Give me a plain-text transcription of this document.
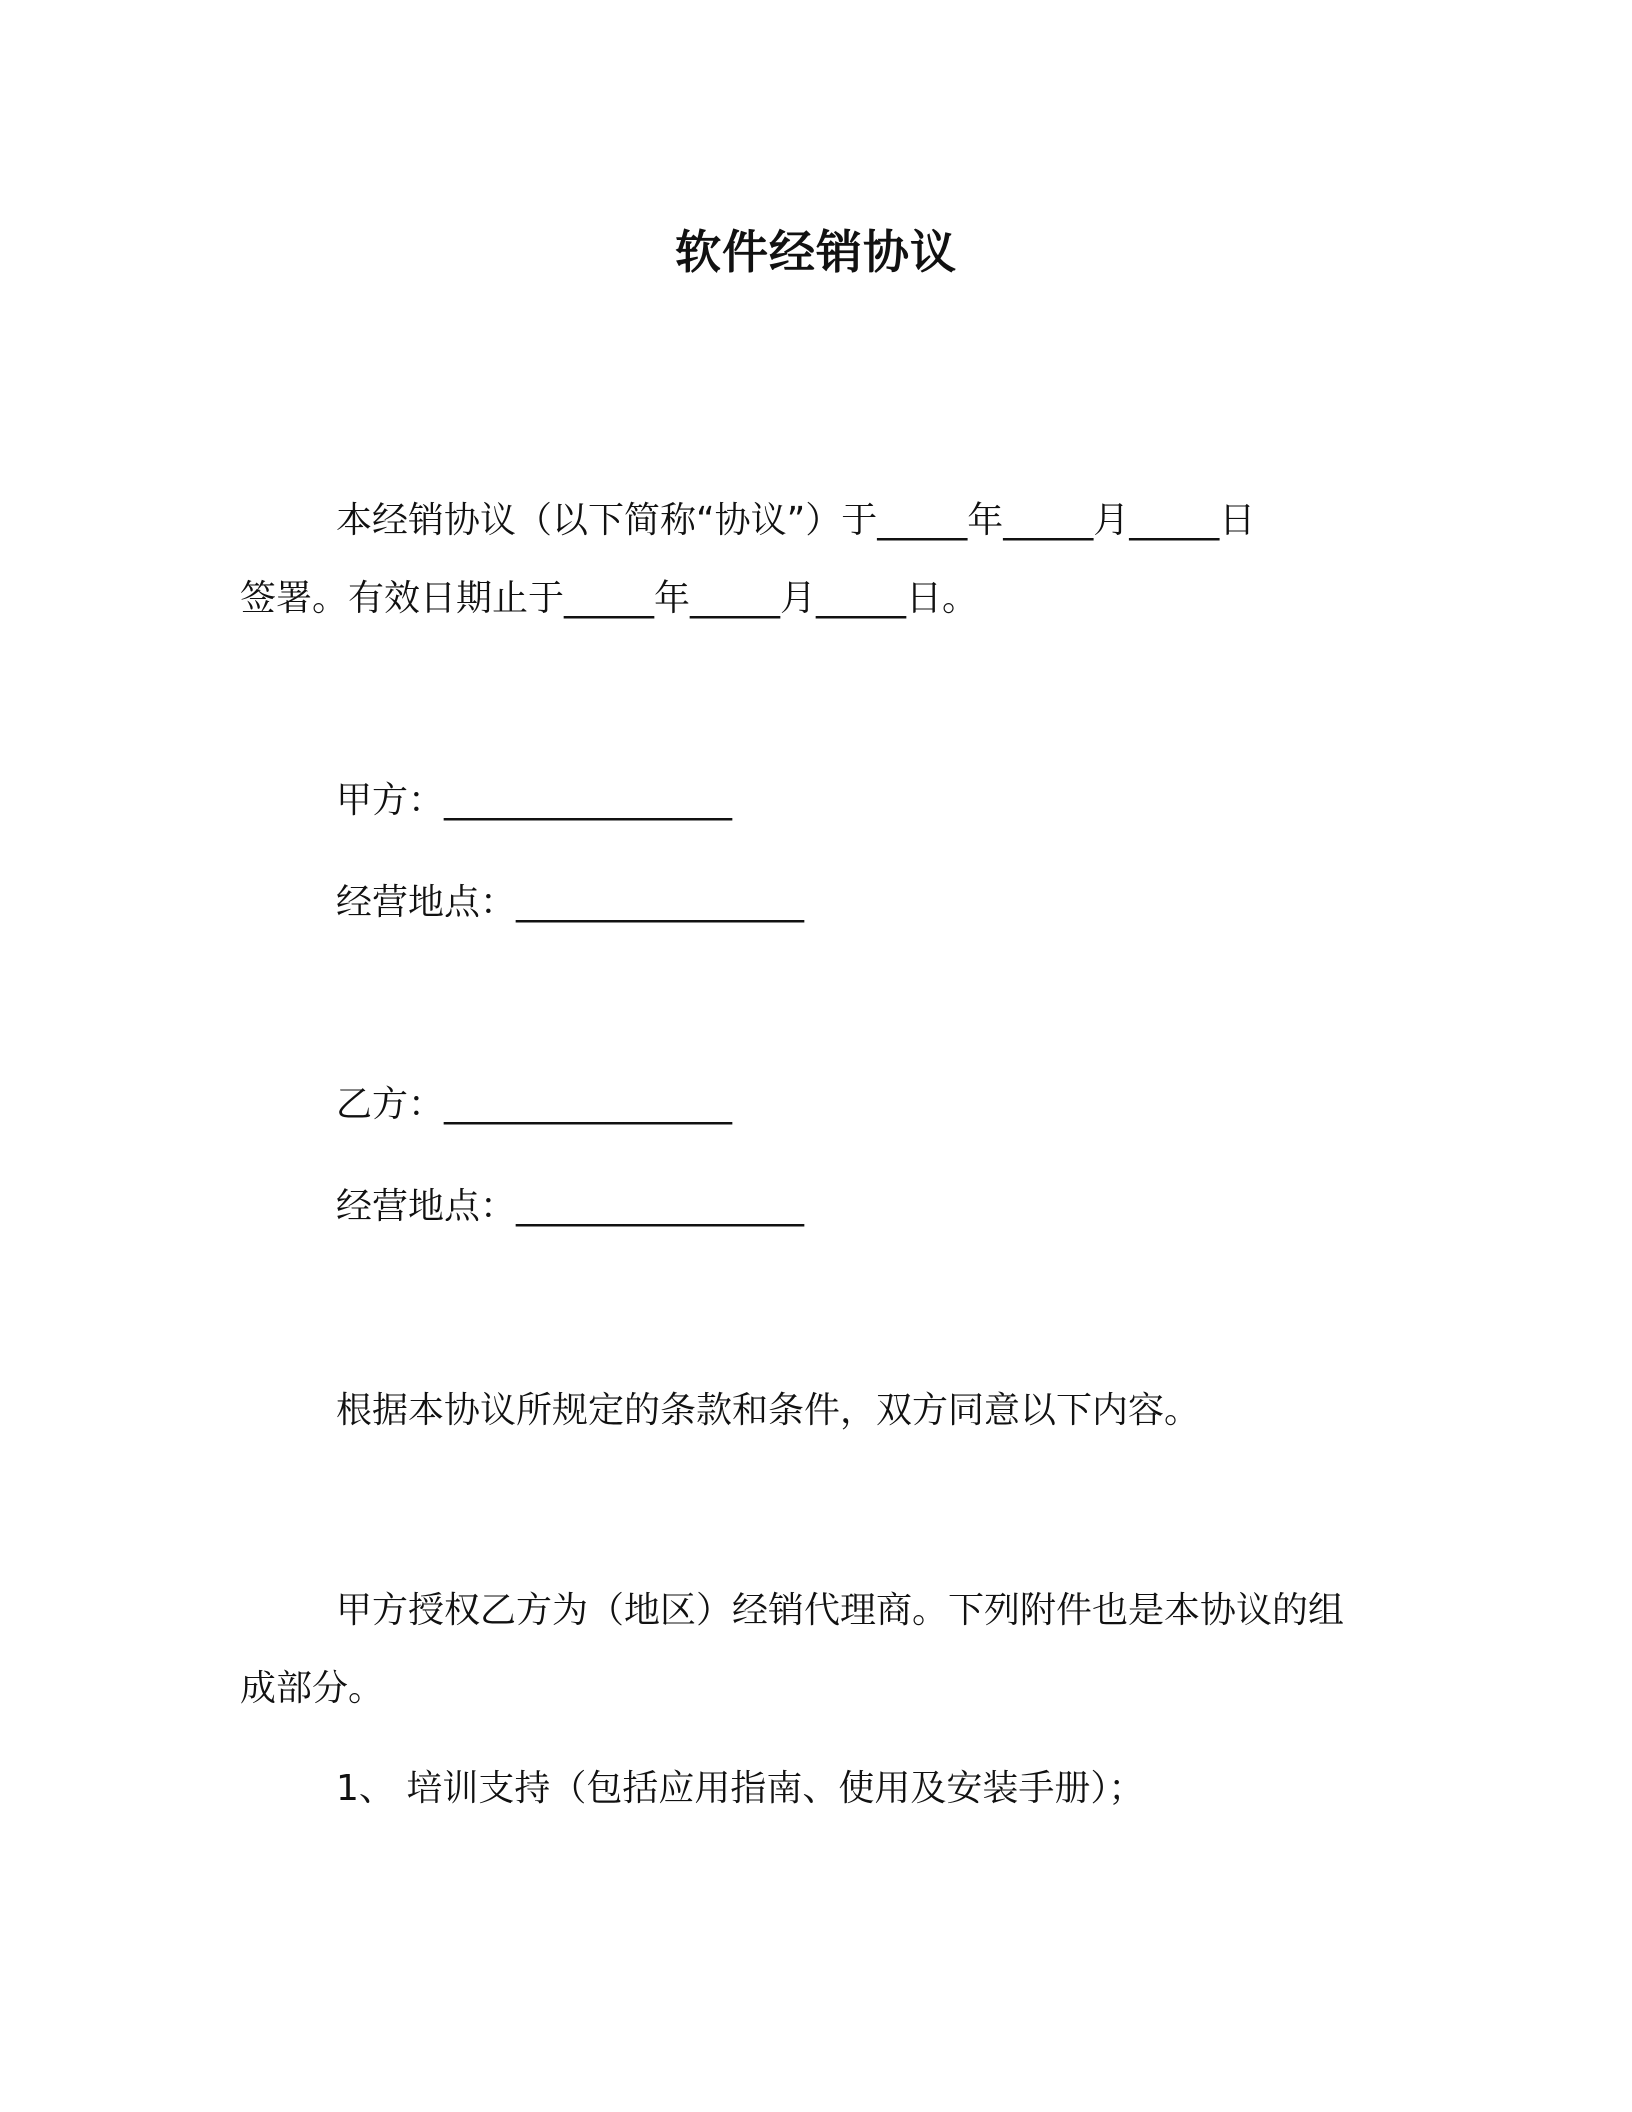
软件经销协议

本经销协议（以下简称“协议”）于_____年_____月_____日

签署。有效日期止于_____年_____月_____日。

甲方：________________

经营地点：________________

乙方：________________

经营地点：________________

根据本协议所规定的条款和条件，双方同意以下内容。

甲方授权乙方为（地区）经销代理商。下列附件也是本协议的组

成部分。

1、 培训支持（包括应用指南、使用及安装手册）；
